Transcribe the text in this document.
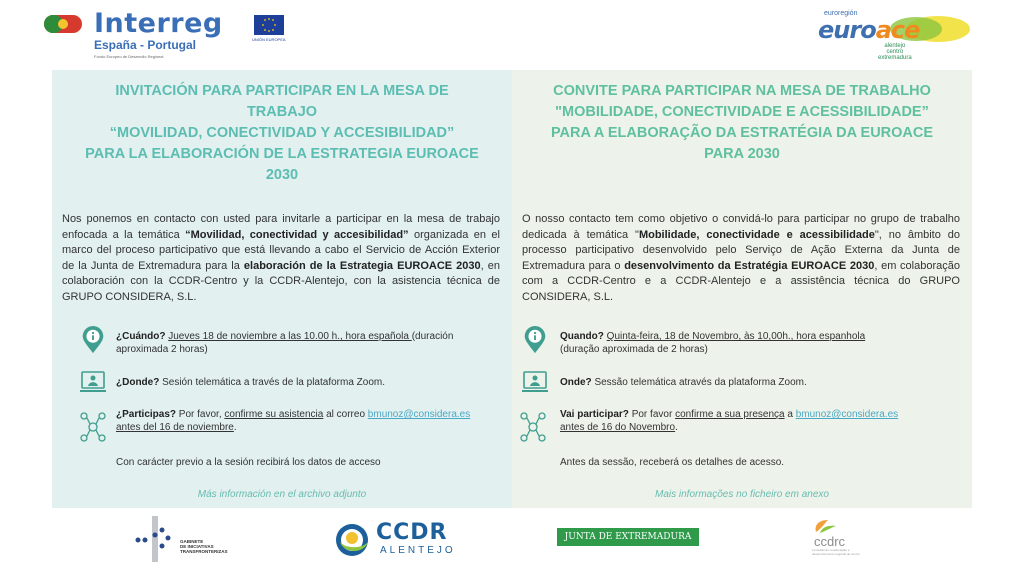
Interreg
UNIÓN EUROPEA
España - Portugal
Fondo Europeo de Desarrollo Regional
euroregión
euroace
alentejo
centro
extremadura
INVITACIÓN PARA PARTICIPAR EN LA MESA DE
TRABAJO
“MOVILIDAD, CONECTIVIDAD Y ACCESIBILIDAD”
PARA LA ELABORACIÓN DE LA ESTRATEGIA EUROACE
2030
Nos ponemos en contacto con usted para invitarle a participar en la mesa de trabajo enfocada a la temática “Movilidad, conectividad y accesibilidad” organizada en el marco del proceso participativo que está llevando a cabo el Servicio de Acción Exterior de la Junta de Extremadura para la elaboración de la Estrategia EUROACE 2030, en colaboración con la CCDR-Centro y la CCDR-Alentejo, con la asistencia técnica de GRUPO CONSIDERA, S.L.
¿Cuándo? Jueves 18 de noviembre a las 10.00 h., hora española (duración aproximada 2 horas)
¿Donde? Sesión telemática a través de la plataforma Zoom.
¿Participas? Por favor, confirme su asistencia al correo bmunoz@considera.es antes del 16 de noviembre.
Con carácter previo a la sesión recibirá los datos de acceso
Más información en el archivo adjunto
CONVITE PARA PARTICIPAR NA MESA DE TRABALHO
"MOBILIDADE, CONECTIVIDADE E ACESSIBILIDADE”
PARA A ELABORAÇÃO DA ESTRATÉGIA DA EUROACE
PARA 2030
O nosso contacto tem como objetivo o convidá-lo para participar no grupo de trabalho dedicada à temática "Mobilidade, conectividade e acessibilidade", no âmbito do processo participativo desenvolvido pelo Serviço de Ação Externa da Junta de Extremadura para o desenvolvimento da Estratégia EUROACE 2030, em colaboração com a CCDR-Centro e a CCDR-Alentejo e a assistência técnica do GRUPO CONSIDERA, S.L.
Quando? Quinta-feira, 18 de Novembro, às 10,00h., hora espanhola
(duração aproximada de 2 horas)
Onde? Sessão telemática através da plataforma Zoom.
Vai participar? Por favor confirme a sua presença a bmunoz@considera.es
antes de 16 do Novembro.
Antes da sessão, receberá os detalhes de acesso.
Mais informações no ficheiro em anexo
GABINETE
DE INICIATIVAS
TRANSFRONTERIZAS
CCDR
ALENTEJO
JUNTA DE EXTREMADURA	ccdrc
comissão de coordenação e desenvolvimento regional do centro
